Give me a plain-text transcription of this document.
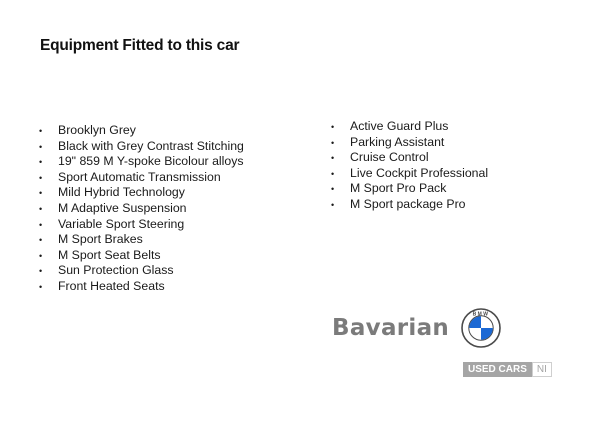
Equipment Fitted to this car
• Brooklyn Grey
• Black with Grey Contrast Stitching
• 19" 859 M Y-spoke Bicolour alloys
• Sport Automatic Transmission
• Mild Hybrid Technology
• M Adaptive Suspension
• Variable Sport Steering
• M Sport Brakes
• M Sport Seat Belts
• Sun Protection Glass
• Front Heated Seats
• Active Guard Plus
• Parking Assistant
• Cruise Control
• Live Cockpit Professional
• M Sport Pro Pack
• M Sport package Pro
Bavarian
BMW
USED CARS	NI
